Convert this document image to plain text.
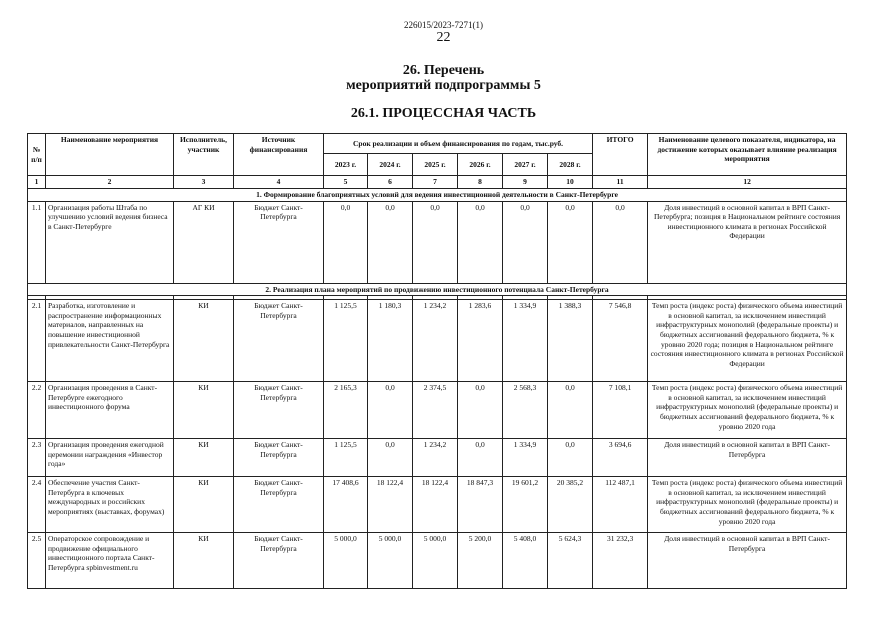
226015/2023-7271(1)
22
26. Перечень
мероприятий подпрограммы 5
26.1. ПРОЦЕССНАЯ ЧАСТЬ
№ п/п	Наименование мероприятия	Исполнитель, участник	Источник финансирования	Срок реализации и объем финансирования по годам, тыс.руб.						ИТОГО	Наименование целевого показателя, индикатора, на достижение которых оказывает влияние реализация мероприятия
				2023 г.	2024 г.	2025 г.	2026 г.	2027 г.	2028 г.		
1	2	3	4	5	6	7	8	9	10	11	12
1. Формирование благоприятных условий для ведения инвестиционной деятельности в Санкт-Петербурге											
1.1	Организация работы Штаба по улучшению условий ведения бизнеса в Санкт-Петербурге	АГ КИ	Бюджет Санкт-Петербурга	0,0	0,0	0,0	0,0	0,0	0,0	0,0	Доля инвестиций в основной капитал в ВРП Санкт-Петербурга; позиция в Национальном рейтинге состояния инвестиционного климата в регионах Российской Федерации
2. Реализация плана мероприятий по продвижению инвестиционного потенциала Санкт-Петербурга											

2.1	Разработка, изготовление и распространение информационных материалов, направленных на повышение инвестиционной привлекательности Санкт-Петербурга	КИ	Бюджет Санкт-Петербурга	1 125,5	1 180,3	1 234,2	1 283,6	1 334,9	1 388,3	7 546,8	Темп роста (индекс роста) физического объема инвестиций в основной капитал, за исключением инвестиций инфраструктурных монополий (федеральные проекты) и бюджетных ассигнований федерального бюджета, % к уровню 2020 года; позиция в Национальном рейтинге состояния инвестиционного климата в регионах Российской Федерации
2.2	Организация проведения в Санкт-Петербурге ежегодного инвестиционного форума	КИ	Бюджет Санкт-Петербурга	2 165,3	0,0	2 374,5	0,0	2 568,3	0,0	7 108,1	Темп роста (индекс роста) физического объема инвестиций в основной капитал, за исключением инвестиций инфраструктурных монополий (федеральные проекты) и бюджетных ассигнований федерального бюджета, % к уровню 2020 года
2.3	Организация проведения ежегодной церемонии награждения «Инвестор года»	КИ	Бюджет Санкт-Петербурга	1 125,5	0,0	1 234,2	0,0	1 334,9	0,0	3 694,6	Доля инвестиций в основной капитал в ВРП Санкт-Петербурга
2.4	Обеспечение участия Санкт-Петербурга в ключевых международных и российских мероприятиях (выставках, форумах)	КИ	Бюджет Санкт-Петербурга	17 408,6	18 122,4	18 122,4	18 847,3	19 601,2	20 385,2	112 487,1	Темп роста (индекс роста) физического объема инвестиций в основной капитал, за исключением инвестиций инфраструктурных монополий (федеральные проекты) и бюджетных ассигнований федерального бюджета, % к уровню 2020 года
2.5	Операторское сопровождение и продвижение официального инвестиционного портала Санкт-Петербурга spbinvestment.ru	КИ	Бюджет Санкт-Петербурга	5 000,0	5 000,0	5 000,0	5 200,0	5 408,0	5 624,3	31 232,3	Доля инвестиций в основной капитал в ВРП Санкт-Петербурга
